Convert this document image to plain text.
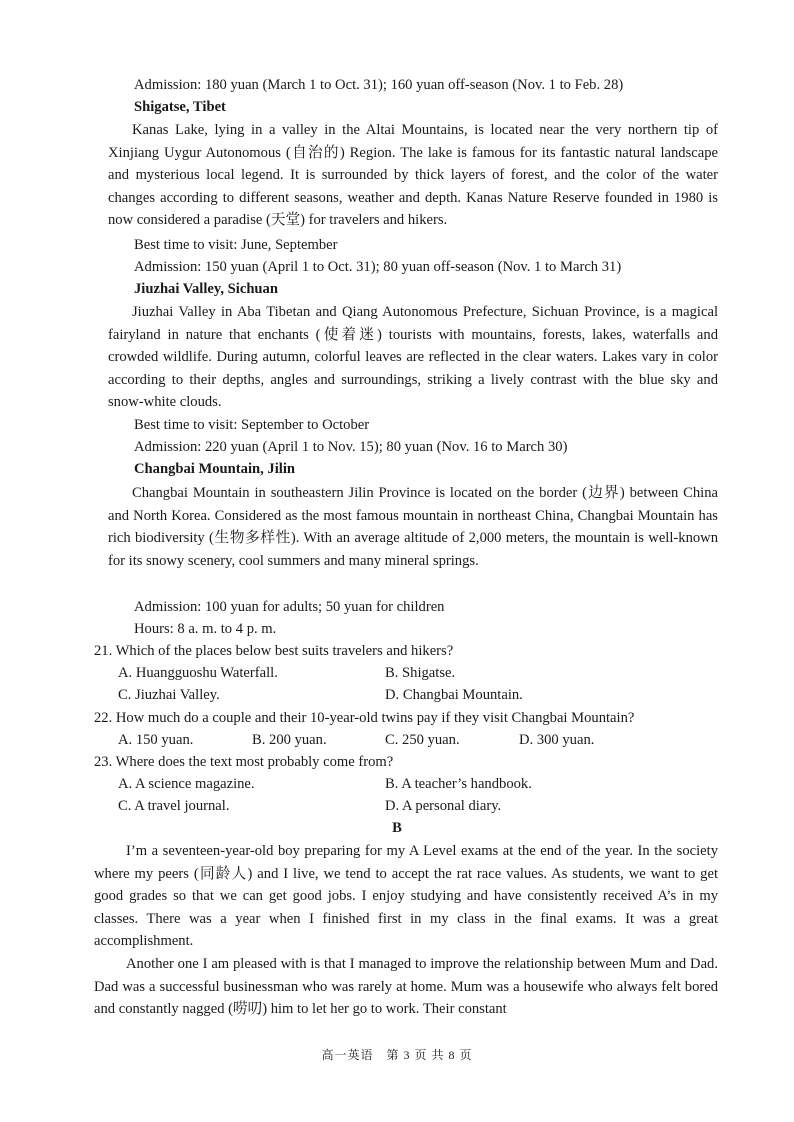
Admission: 180 yuan (March 1 to Oct. 31); 160 yuan off-season (Nov. 1 to Feb. 28)
Shigatse, Tibet
Kanas Lake, lying in a valley in the Altai Mountains, is located near the very northern tip of Xinjiang Uygur Autonomous (自治的) Region. The lake is famous for its fantastic natural landscape and mysterious local legend. It is surrounded by thick layers of forest, and the color of the water changes according to different seasons, weather and depth. Kanas Nature Reserve founded in 1980 is now considered a paradise (天堂) for travelers and hikers.
Best time to visit: June, September
Admission: 150 yuan (April 1 to Oct. 31); 80 yuan off-season (Nov. 1 to March 31)
Jiuzhai Valley, Sichuan
Jiuzhai Valley in Aba Tibetan and Qiang Autonomous Prefecture, Sichuan Province, is a magical fairyland in nature that enchants (使着迷) tourists with mountains, forests, lakes, waterfalls and crowded wildlife. During autumn, colorful leaves are reflected in the clear waters. Lakes vary in color according to their depths, angles and surroundings, striking a lively contrast with the blue sky and snow-white clouds.
Best time to visit: September to October
Admission: 220 yuan (April 1 to Nov. 15); 80 yuan (Nov. 16 to March 30)
Changbai Mountain, Jilin
Changbai Mountain in southeastern Jilin Province is located on the border (边界) between China and North Korea. Considered as the most famous mountain in northeast China, Changbai Mountain has rich biodiversity (生物多样性). With an average altitude of 2,000 meters, the mountain is well-known for its snowy scenery, cool summers and many mineral springs.
Admission: 100 yuan for adults; 50 yuan for children
Hours: 8 a. m. to 4 p. m.
21. Which of the places below best suits travelers and hikers?
A. Huangguoshu Waterfall.	B. Shigatse.
C. Jiuzhai Valley.	D. Changbai Mountain.
22. How much do a couple and their 10-year-old twins pay if they visit Changbai Mountain?
A. 150 yuan.	B. 200 yuan.	C. 250 yuan.	D. 300 yuan.
23. Where does the text most probably come from?
A. A science magazine.	B. A teacher’s handbook.
C. A travel journal.	D. A personal diary.
B
I’m a seventeen-year-old boy preparing for my A Level exams at the end of the year. In the society where my peers (同龄人) and I live, we tend to accept the rat race values. As students, we want to get good grades so that we can get good jobs. I enjoy studying and have consistently received A’s in my classes. There was a year when I finished first in my class in the final exams. It was a great accomplishment.
Another one I am pleased with is that I managed to improve the relationship between Mum and Dad. Dad was a successful businessman who was rarely at home. Mum was a housewife who always felt bored and constantly nagged (唠叨) him to let her go to work. Their constant
高一英语　第 3 页 共 8 页
